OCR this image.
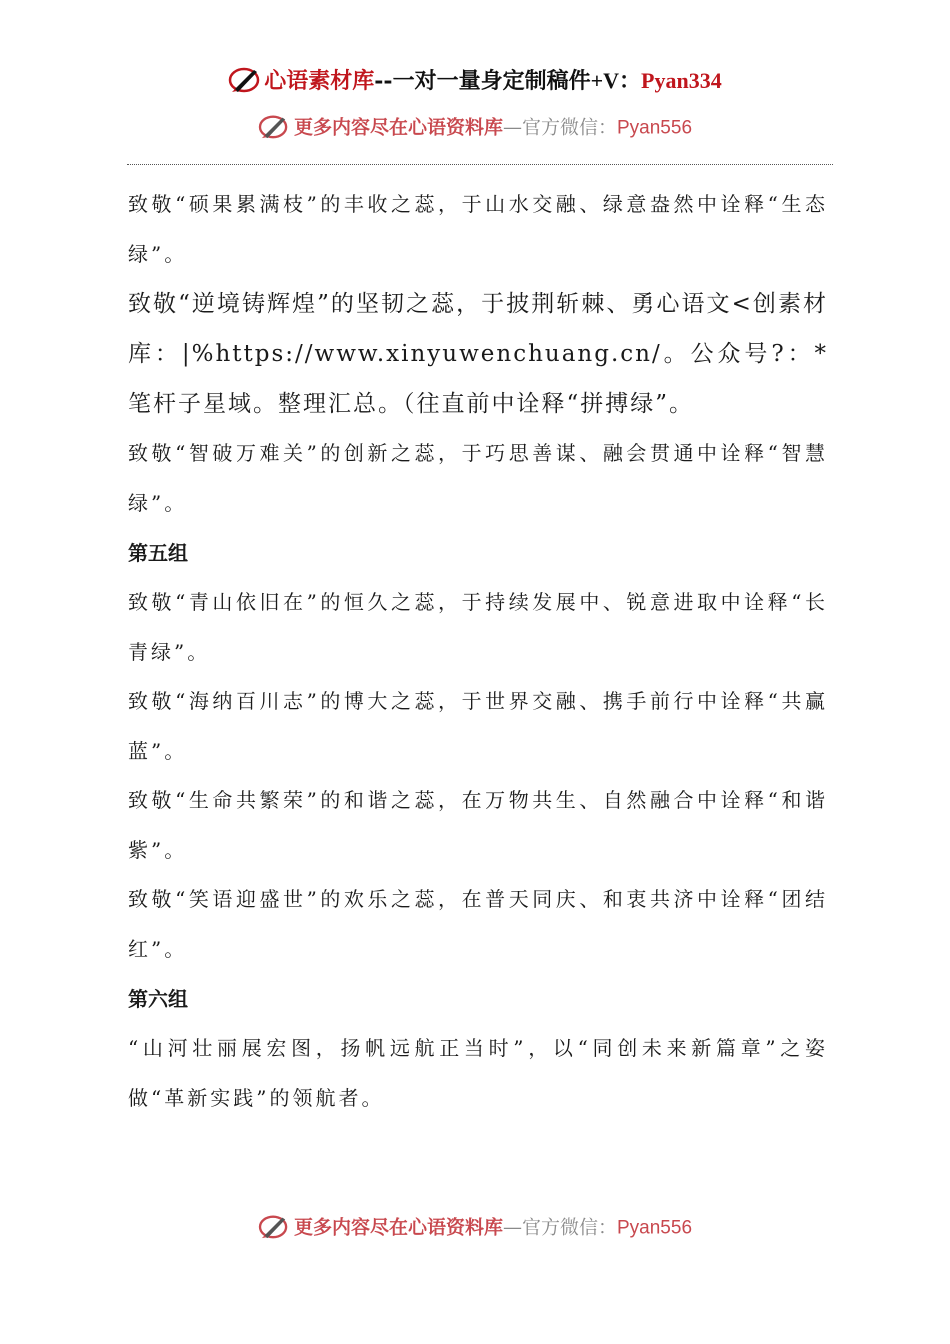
心语素材库--一对一量身定制稿件+V：Pyan334
更多内容尽在心语资料库—官方微信：Pyan556

致敬“硕果累满枝”的丰收之蕊，于山水交融、绿意盎然中诠释“生态绿”。

致敬“逆境铸辉煌”的坚韧之蕊，于披荆斩棘、勇心语文<创素材库：|%https://www.xinyuwenchuang.cn/。公众号?：*笔杆子星域。整理汇总。（往直前中诠释“拼搏绿”。

致敬“智破万难关”的创新之蕊，于巧思善谋、融会贯通中诠释“智慧绿”。

第五组

致敬“青山依旧在”的恒久之蕊，于持续发展中、锐意进取中诠释“长青绿”。

致敬“海纳百川志”的博大之蕊，于世界交融、携手前行中诠释“共赢蓝”。

致敬“生命共繁荣”的和谐之蕊，在万物共生、自然融合中诠释“和谐紫”。

致敬“笑语迎盛世”的欢乐之蕊，在普天同庆、和衷共济中诠释“团结红”。

第六组

“山河壮丽展宏图，扬帆远航正当时”，以“同创未来新篇章”之姿做“革新实践”的领航者。

更多内容尽在心语资料库—官方微信：Pyan556
